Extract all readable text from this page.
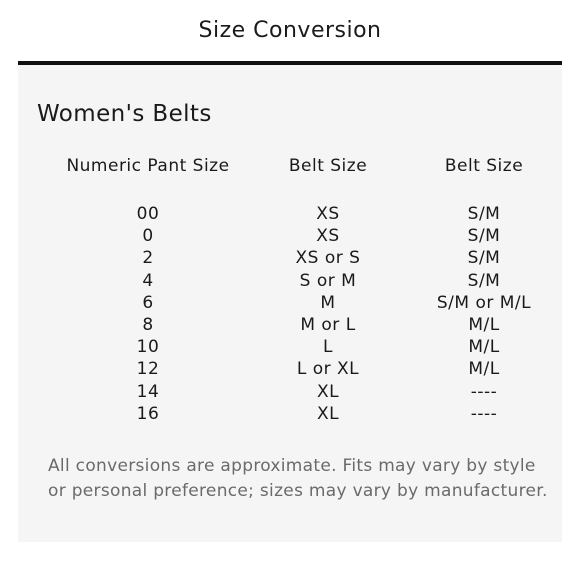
Size Conversion
Women's Belts
Numeric Pant Size	Belt Size	Belt Size

00	XS	S/M
0	XS	S/M
2	XS or S	S/M
4	S or M	S/M
6	M	S/M or M/L
8	M or L	M/L
10	L	M/L
12	L or XL	M/L
14	XL	----
16	XL	----
All conversions are approximate. Fits may vary by style or personal preference; sizes may vary by manufacturer.
